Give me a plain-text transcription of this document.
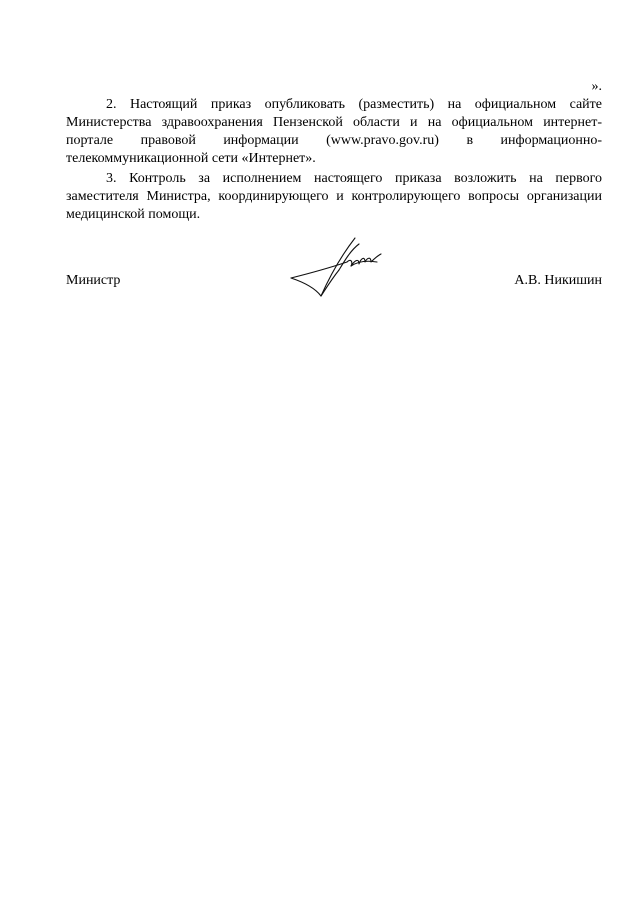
».
2. Настоящий приказ опубликовать (разместить) на официальном сайте
Министерства здравоохранения Пензенской области и на официальном интернет-
портале правовой информации (www.pravo.gov.ru) в информационно-
телекоммуникационной сети «Интернет».
3. Контроль за исполнением настоящего приказа возложить на первого
заместителя Министра, координирующего и контролирующего вопросы организации
медицинской помощи.
Министр	А.В. Никишин
